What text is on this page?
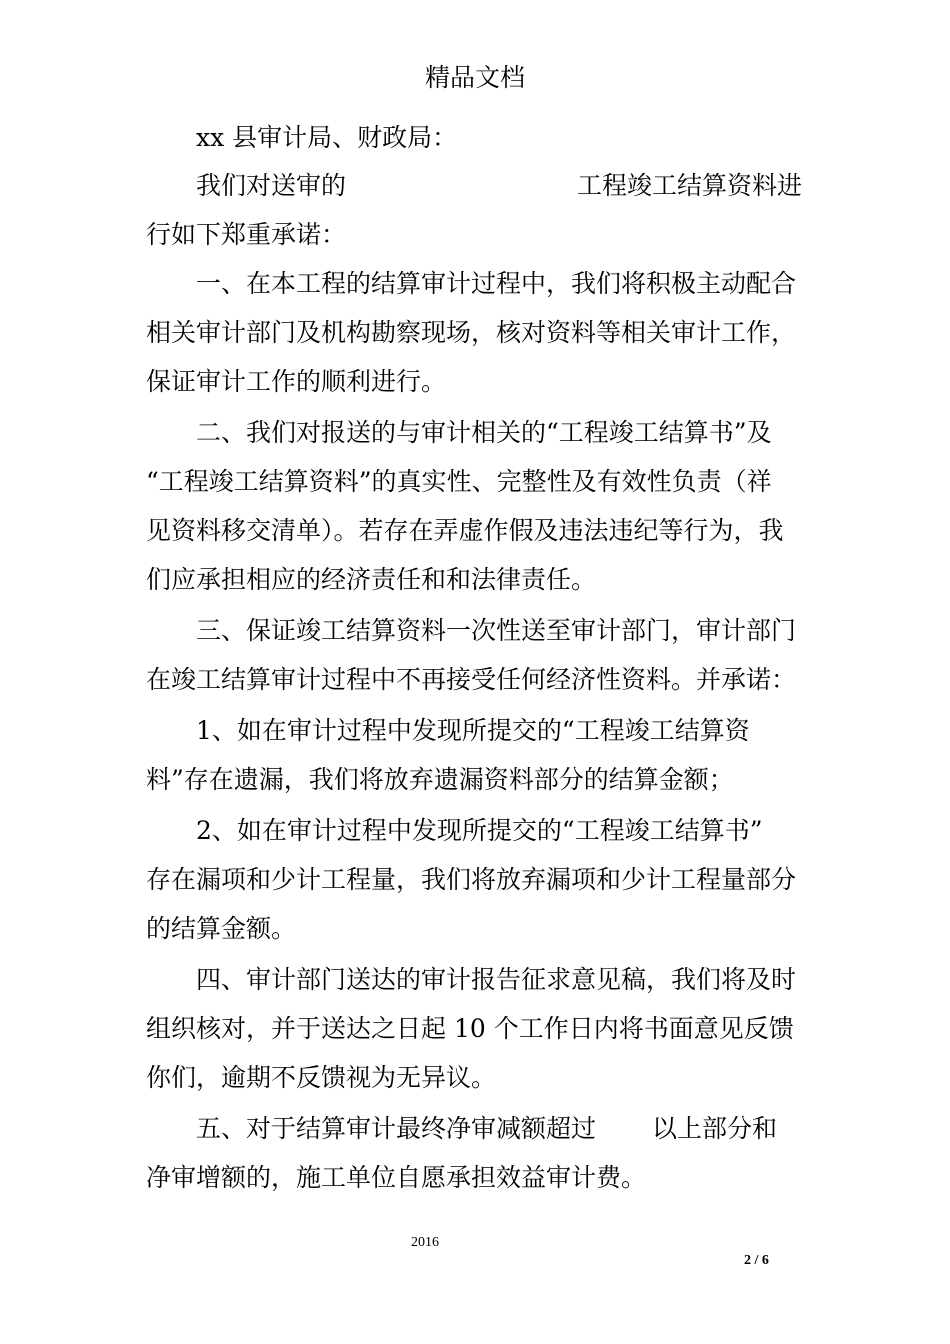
精品文档
xx 县审计局、财政局：
我们对送审的	工程竣工结算资料进
行如下郑重承诺：
一、在本工程的结算审计过程中，我们将积极主动配合
相关审计部门及机构勘察现场，核对资料等相关审计工作，
保证审计工作的顺利进行。
二、我们对报送的与审计相关的“工程竣工结算书”及
“工程竣工结算资料”的真实性、完整性及有效性负责（祥
见资料移交清单）。若存在弄虚作假及违法违纪等行为，我
们应承担相应的经济责任和和法律责任。
三、保证竣工结算资料一次性送至审计部门，审计部门
在竣工结算审计过程中不再接受任何经济性资料。并承诺：
1、如在审计过程中发现所提交的“工程竣工结算资
料”存在遗漏，我们将放弃遗漏资料部分的结算金额；
2、如在审计过程中发现所提交的“工程竣工结算书”
存在漏项和少计工程量，我们将放弃漏项和少计工程量部分
的结算金额。
四、审计部门送达的审计报告征求意见稿，我们将及时
组织核对，并于送达之日起 10 个工作日内将书面意见反馈
你们，逾期不反馈视为无异议。
五、对于结算审计最终净审减额超过 以上部分和
净审增额的，施工单位自愿承担效益审计费。
2016
2 / 6
